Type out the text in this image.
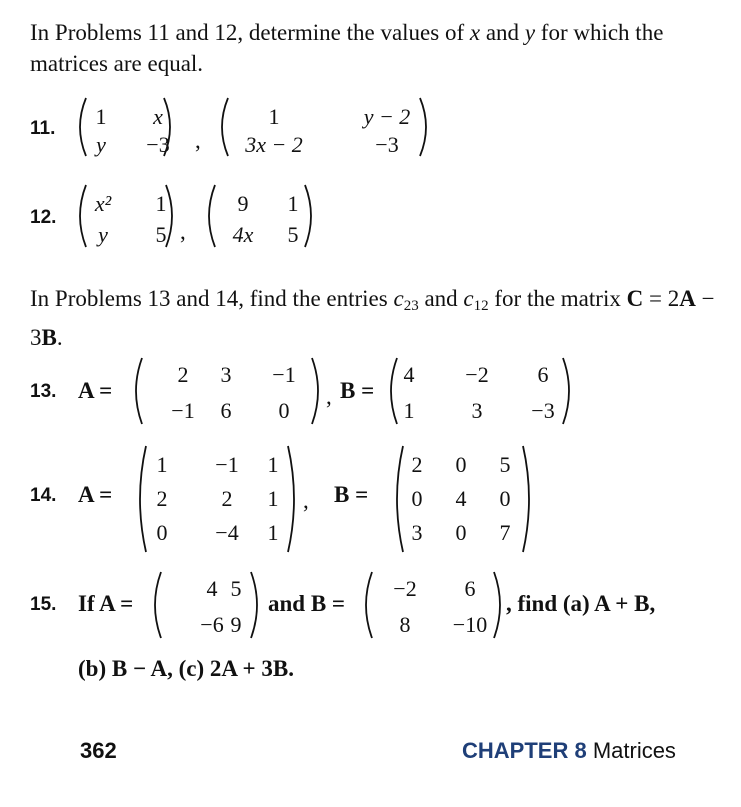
In Problems 11 and 12, determine the values of x and y for which the matrices are equal.
11. 1 x
y −3 ,
1	y − 2
3x − 2	−3
12.
x² 1
y 5 ,
9 1
4x 5
In Problems 13 and 14, find the entries $c_{23}$ and $c_{12}$ for the matrix C = 2A − 3B.
13. A =
2 3 −1
−1 6 0
, B =
4 −2 6
1	3 −3
14. A =
1 −1 1
2 2 1
0 −4 1
, B =
2 0 5
0 4 0
3 0 7
15. If A =
4 5
−6 9
and B =
−2 6
8 −10
, find (a) A + B,
(b) B − A, (c) 2A + 3B.
362	CHAPTER 8 Matrices
